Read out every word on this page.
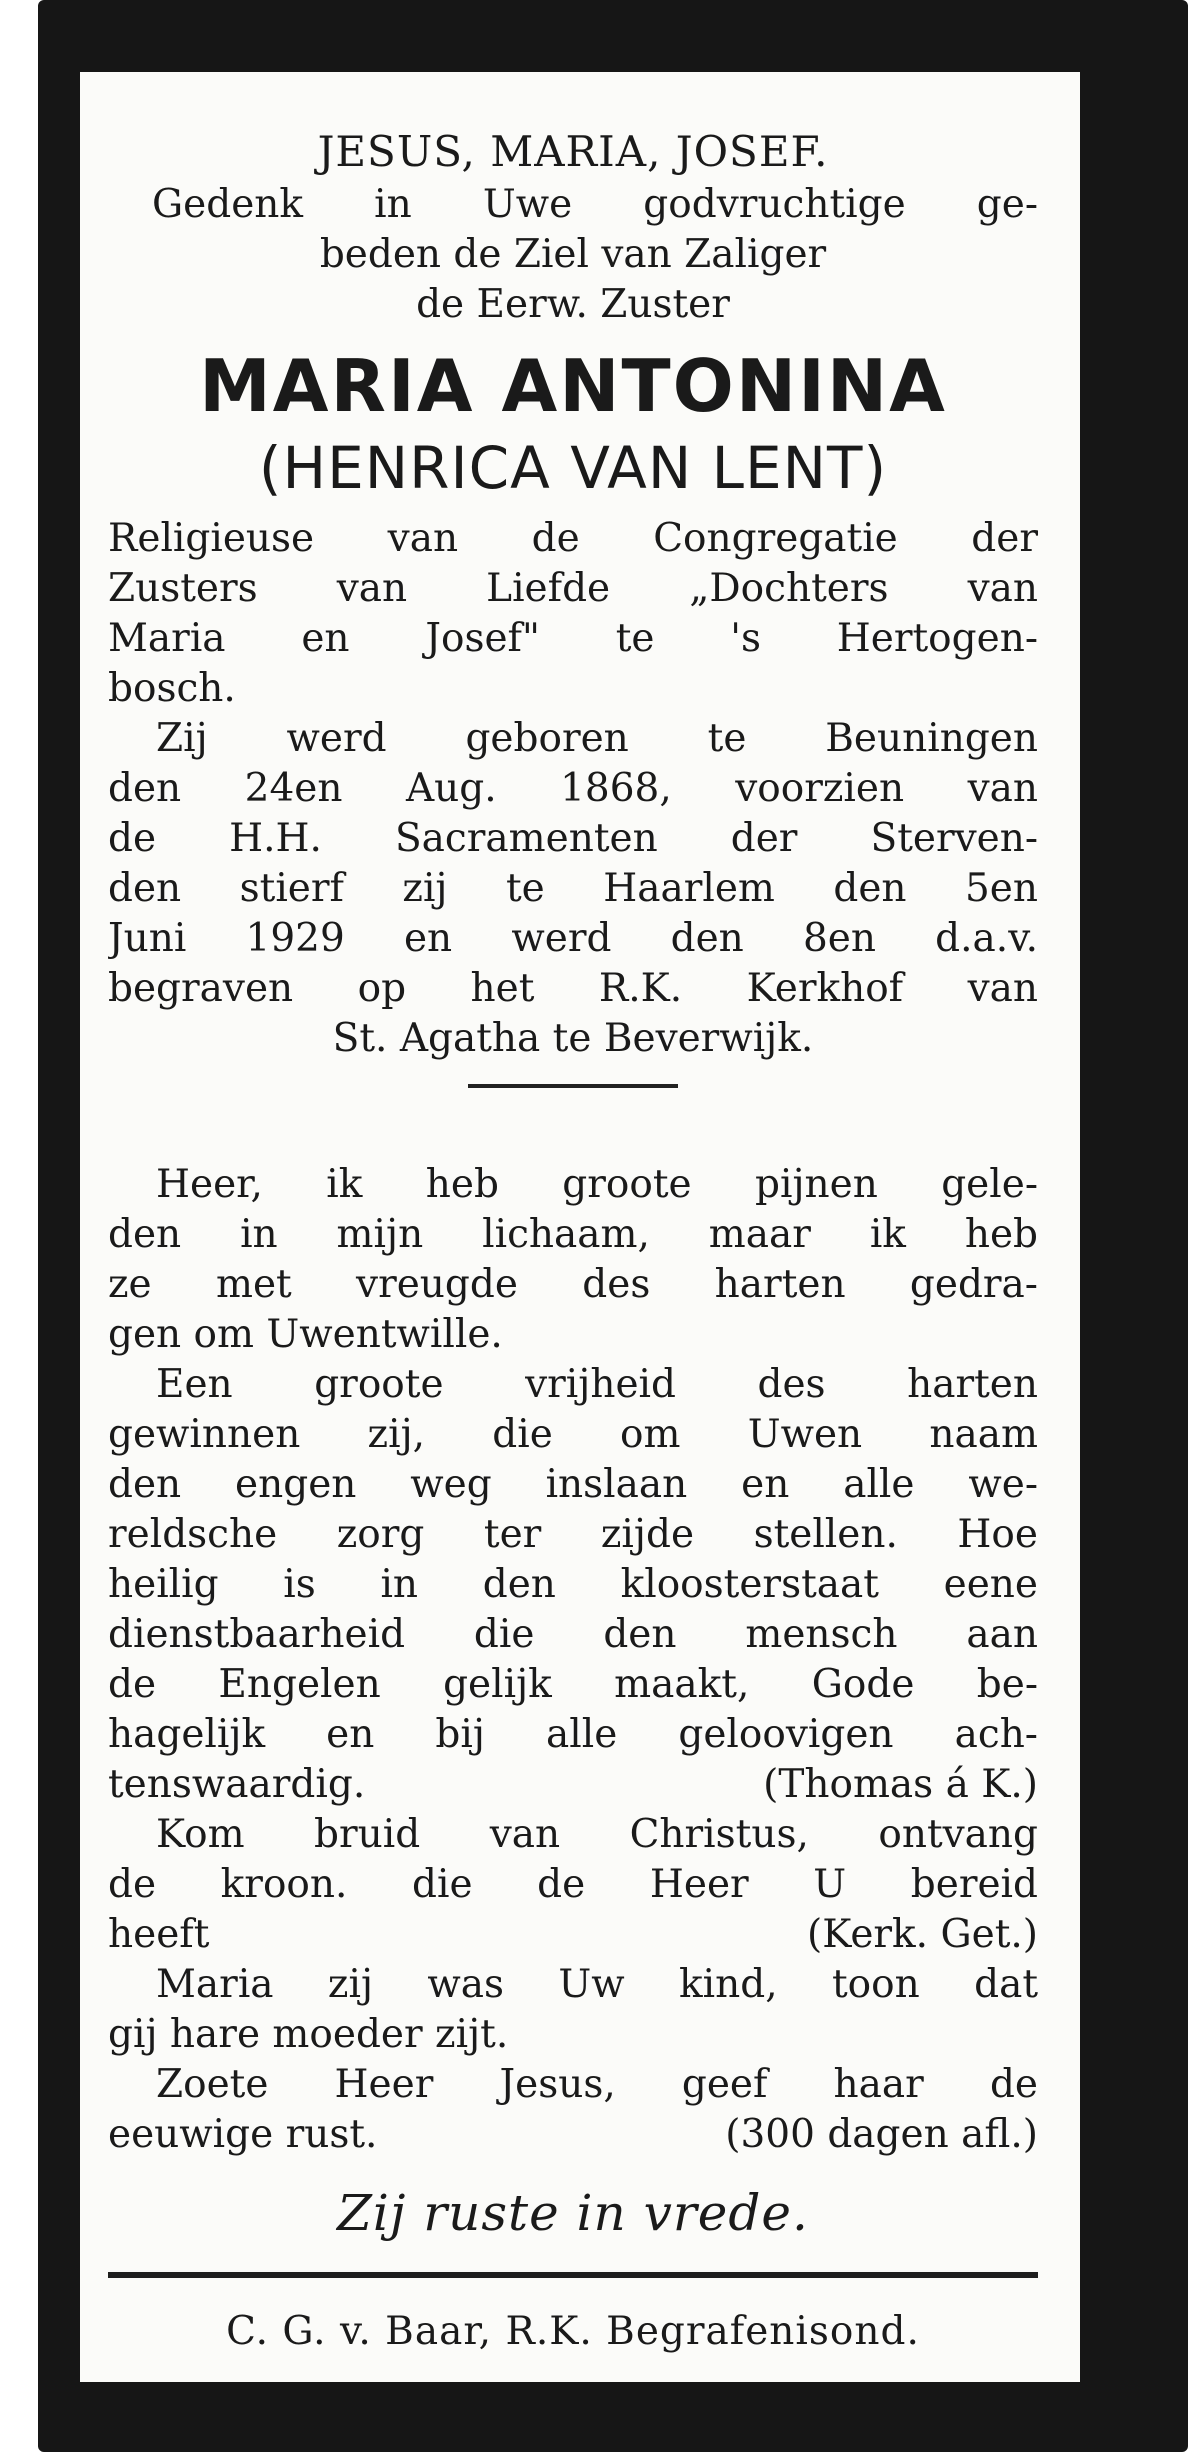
JESUS, MARIA, JOSEF.
Gedenk in Uwe godvruchtige ge-
beden de Ziel van Zaliger
de Eerw. Zuster
MARIA ANTONINA
(HENRICA VAN LENT)
Religieuse van de Congregatie der
Zusters van Liefde „Dochters van
Maria en Josef" te 's Hertogen-
bosch.
Zij werd geboren te Beuningen
den 24en Aug. 1868, voorzien van
de H.H. Sacramenten der Sterven-
den stierf zij te Haarlem den 5en
Juni 1929 en werd den 8en d.a.v.
begraven op het R.K. Kerkhof van
St. Agatha te Beverwijk.
Heer, ik heb groote pijnen gele-
den in mijn lichaam, maar ik heb
ze met vreugde des harten gedra-
gen om Uwentwille.
Een groote vrijheid des harten
gewinnen zij, die om Uwen naam
den engen weg inslaan en alle we-
reldsche zorg ter zijde stellen. Hoe
heilig is in den kloosterstaat eene
dienstbaarheid die den mensch aan
de Engelen gelijk maakt, Gode be-
hagelijk en bij alle geloovigen ach-
tenswaardig.	(Thomas á K.)
Kom bruid van Christus, ontvang
de kroon. die de Heer U bereid
heeft	(Kerk. Get.)
Maria zij was Uw kind, toon dat
gij hare moeder zijt.
Zoete Heer Jesus, geef haar de
eeuwige rust.	(300 dagen afl.)
Zij ruste in vrede.
C. G. v. Baar, R.K. Begrafenisond.
